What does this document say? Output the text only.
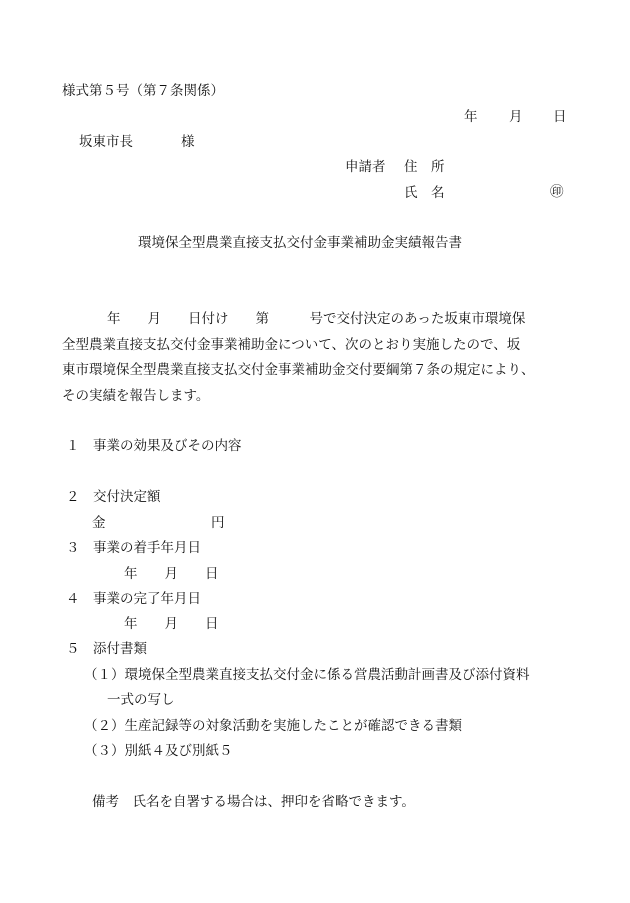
様式第５号（第７条関係）
年 月 日
坂東市長	様
申請者 住　所
氏　名	㊞
環境保全型農業直接支払交付金事業補助金実績報告書
年　　月　　日付け　　第　　　号で交付決定のあった坂東市環境保
全型農業直接支払交付金事業補助金について、次のとおり実施したので、坂
東市環境保全型農業直接支払交付金事業補助金交付要綱第７条の規定により、
その実績を報告します。
１　事業の効果及びその内容
２　交付決定額
金	円
３　事業の着手年月日
年　　月　　日
４　事業の完了年月日
年　　月　　日
５　添付書類
（１）環境保全型農業直接支払交付金に係る営農活動計画書及び添付資料
一式の写し
（２）生産記録等の対象活動を実施したことが確認できる書類
（３）別紙４及び別紙５
備考　氏名を自署する場合は、押印を省略できます。
